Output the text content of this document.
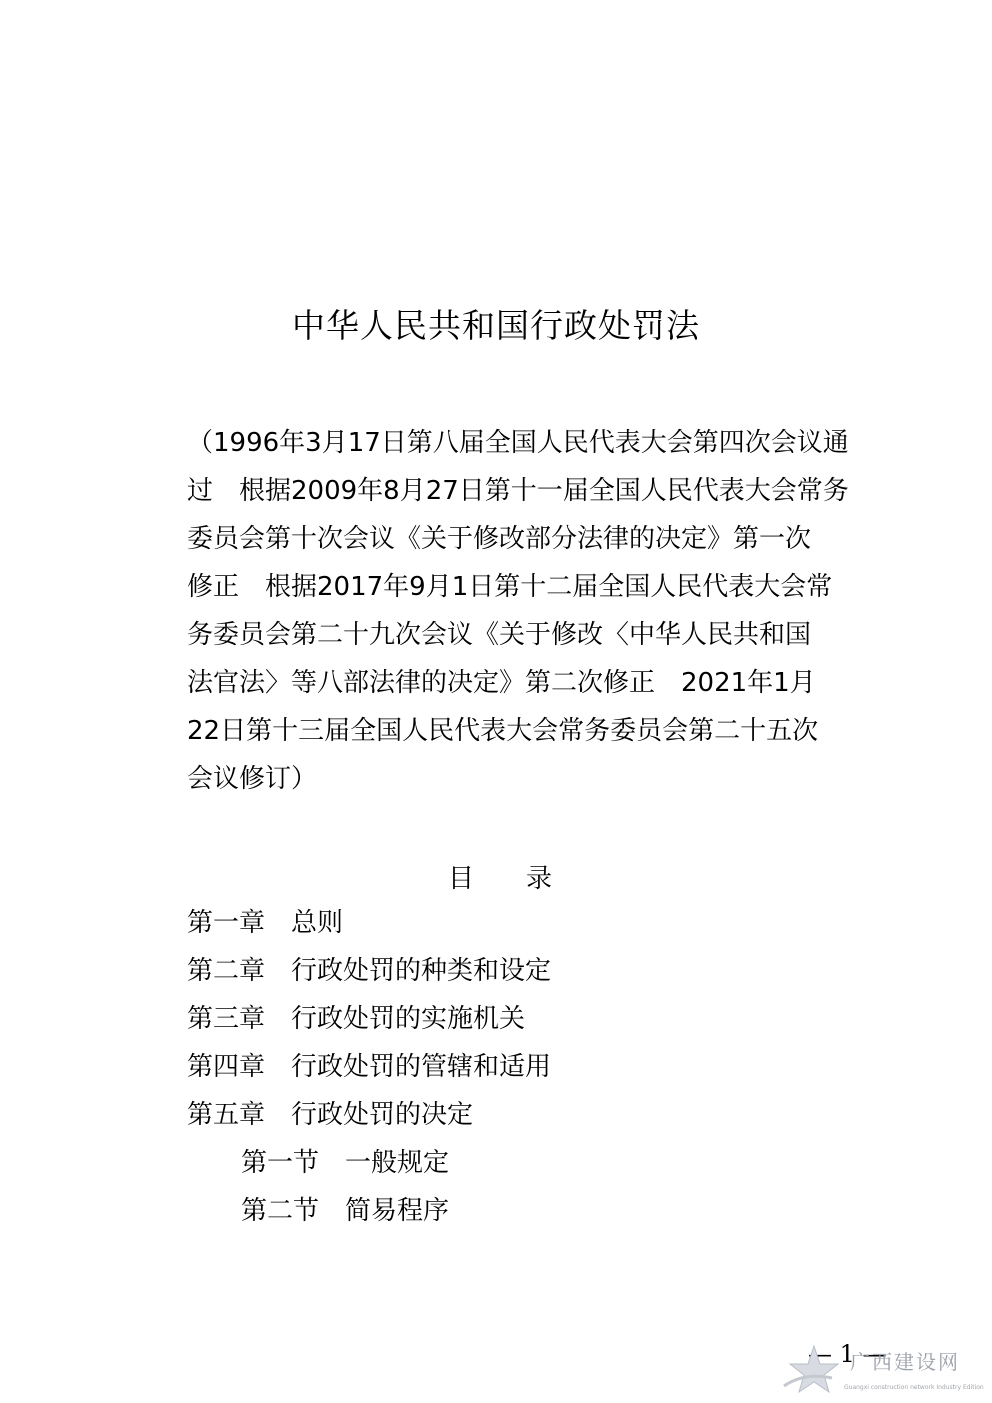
中华人民共和国行政处罚法
（1996年3月17日第八届全国人民代表大会第四次会议通
过　根据2009年8月27日第十一届全国人民代表大会常务
委员会第十次会议《关于修改部分法律的决定》第一次
修正　根据2017年9月1日第十二届全国人民代表大会常
务委员会第二十九次会议《关于修改〈中华人民共和国
法官法〉等八部法律的决定》第二次修正　2021年1月
22日第十三届全国人民代表大会常务委员会第二十五次
会议修订）
目　　录
第一章　总则
第二章　行政处罚的种类和设定
第三章　行政处罚的实施机关
第四章　行政处罚的管辖和适用
第五章　行政处罚的决定
第一节　一般规定
第二节　简易程序
— 1 —
广西建设网
Guangxi construction network Industry Edition
